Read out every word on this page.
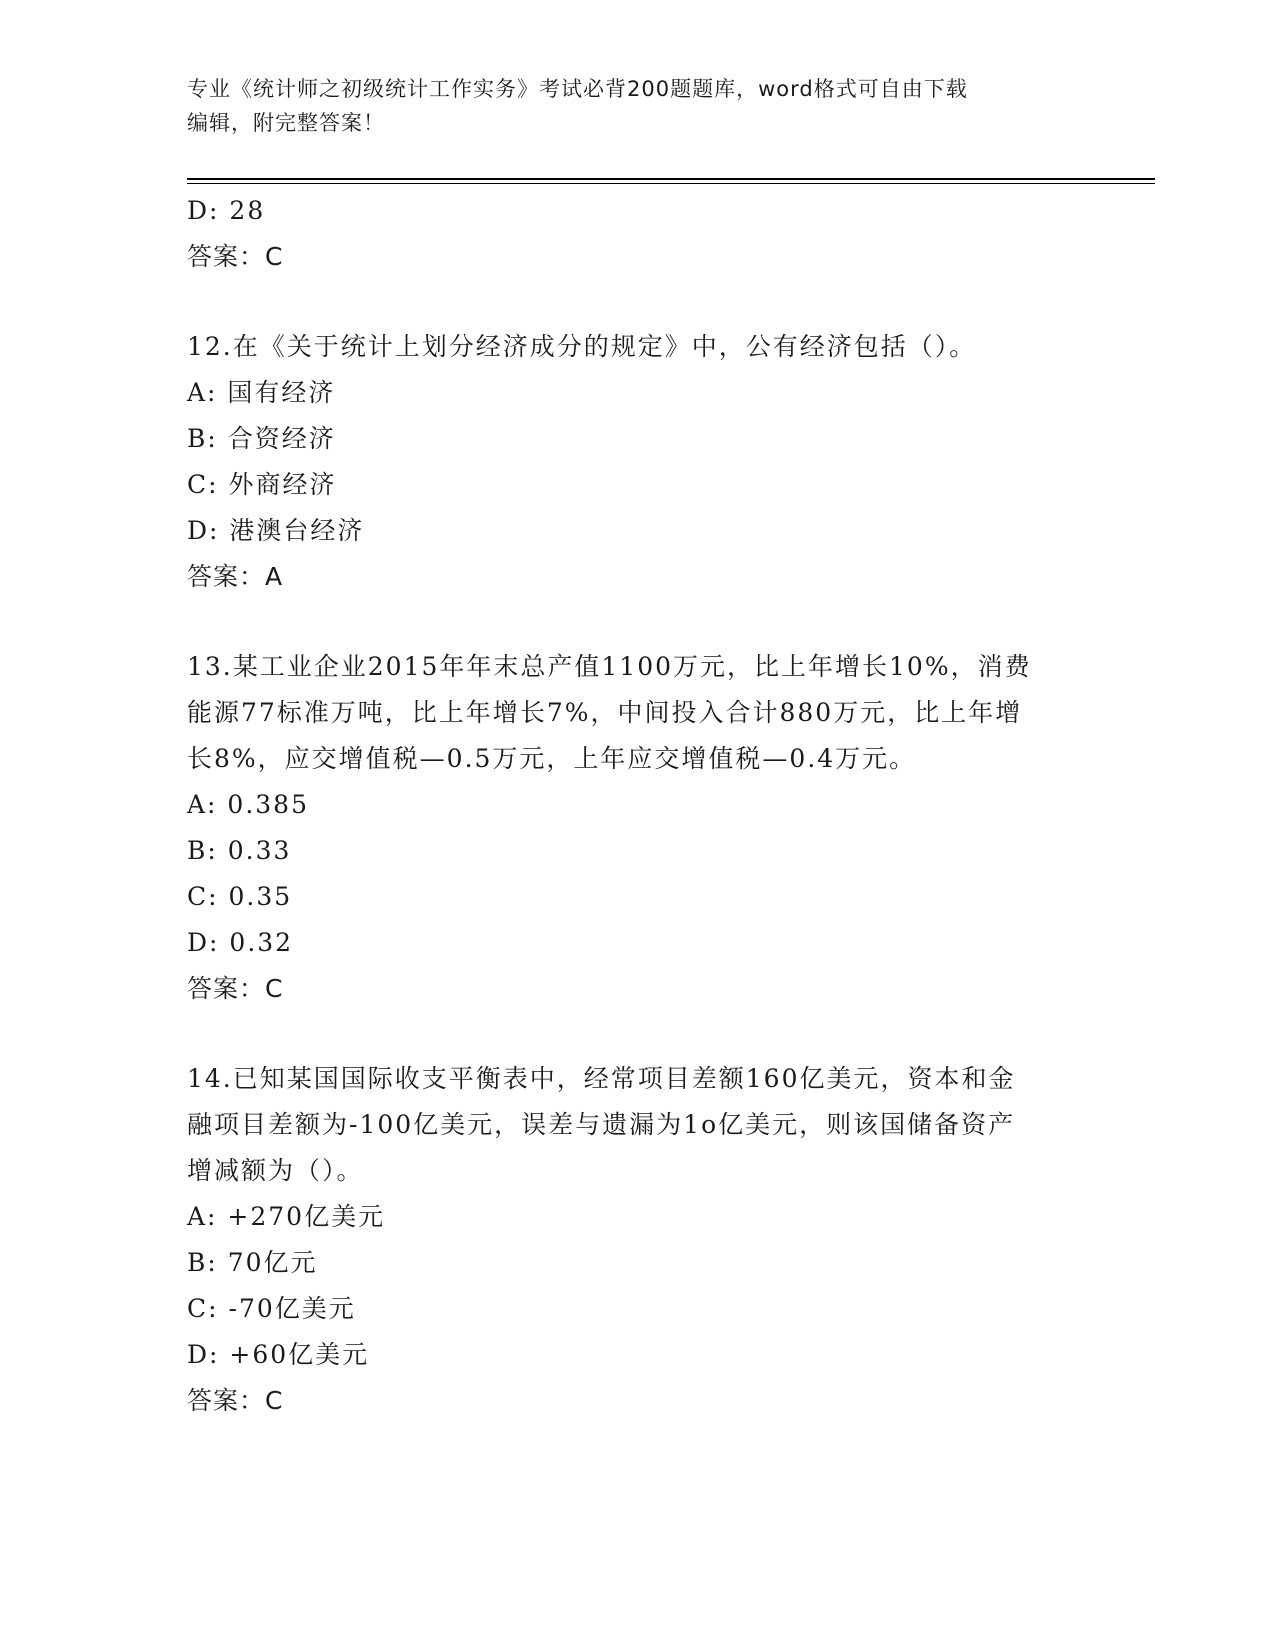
专业《统计师之初级统计工作实务》考试必背200题题库，word格式可自由下载
编辑，附完整答案！
D: 28
答案：C
12.在《关于统计上划分经济成分的规定》中，公有经济包括（）。
A: 国有经济
B: 合资经济
C: 外商经济
D: 港澳台经济
答案：A
13.某工业企业2015年年末总产值1100万元，比上年增长10%，消费
能源77标准万吨，比上年增长7%，中间投入合计880万元，比上年增
长8%，应交增值税—0.5万元，上年应交增值税—0.4万元。
A: 0.385
B: 0.33
C: 0.35
D: 0.32
答案：C
14.已知某国国际收支平衡表中，经常项目差额160亿美元，资本和金
融项目差额为-100亿美元，误差与遗漏为1o亿美元，则该国储备资产
增减额为（）。
A: +270亿美元
B: 70亿元
C: -70亿美元
D: +60亿美元
答案：C
